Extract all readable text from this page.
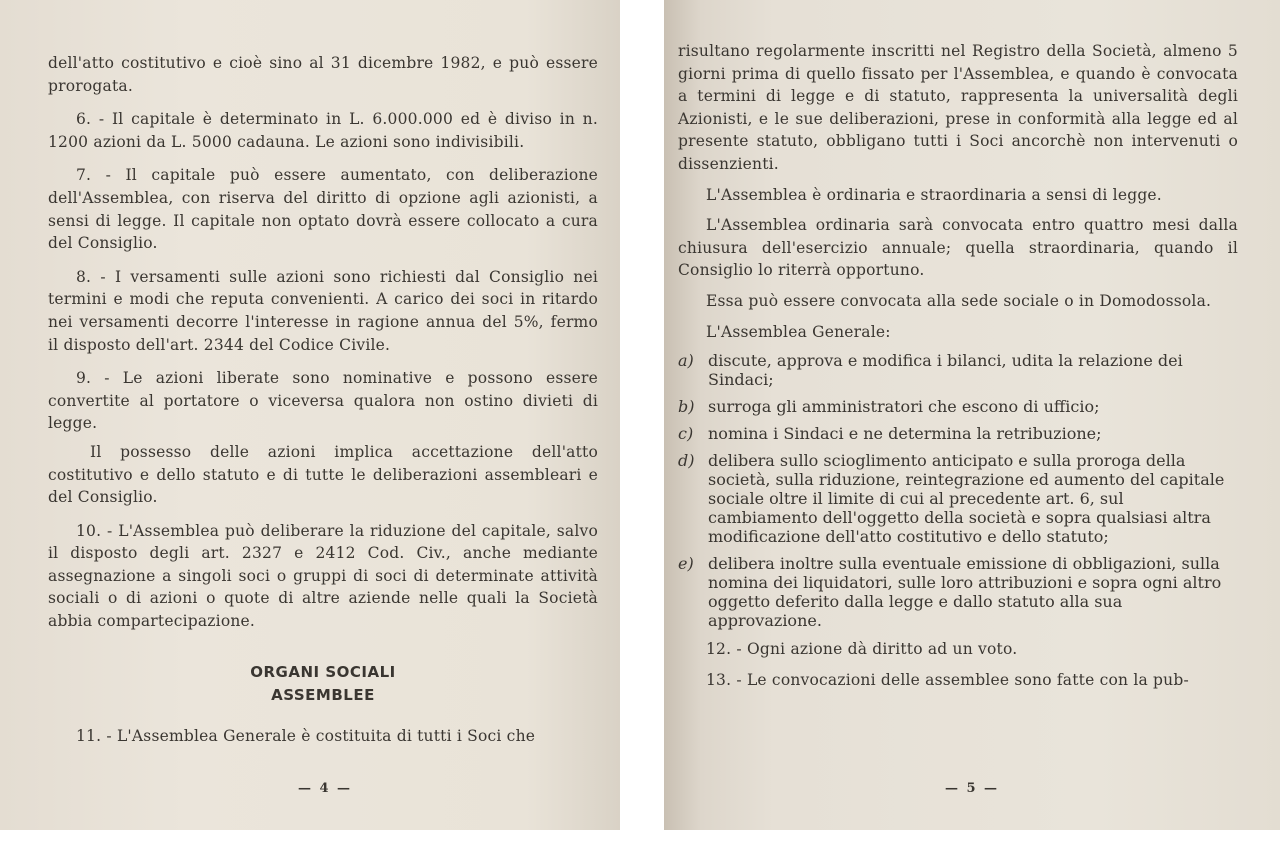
dell'atto costitutivo e cioè sino al 31 dicembre 1982, e può essere prorogata.

6. - Il capitale è determinato in L. 6.000.000 ed è diviso in n. 1200 azioni da L. 5000 cadauna. Le azioni sono indivisibili.

7. - Il capitale può essere aumentato, con deliberazione dell'Assemblea, con riserva del diritto di opzione agli azionisti, a sensi di legge. Il capitale non optato dovrà essere collocato a cura del Consiglio.

8. - I versamenti sulle azioni sono richiesti dal Consiglio nei termini e modi che reputa convenienti. A carico dei soci in ritardo nei versamenti decorre l'interesse in ragione annua del 5%, fermo il disposto dell'art. 2344 del Codice Civile.

9. - Le azioni liberate sono nominative e possono essere convertite al portatore o viceversa qualora non ostino divieti di legge.

Il possesso delle azioni implica accettazione dell'atto costitutivo e dello statuto e di tutte le deliberazioni assembleari e del Consiglio.

10. - L'Assemblea può deliberare la riduzione del capitale, salvo il disposto degli art. 2327 e 2412 Cod. Civ., anche mediante assegnazione a singoli soci o gruppi di soci di determinate attività sociali o di azioni o quote di altre aziende nelle quali la Società abbia compartecipazione.

ORGANI SOCIALI
ASSEMBLEE

11. - L'Assemblea Generale è costituita di tutti i Soci che

— 4 —

risultano regolarmente inscritti nel Registro della Società, almeno 5 giorni prima di quello fissato per l'Assemblea, e quando è convocata a termini di legge e di statuto, rappresenta la universalità degli Azionisti, e le sue deliberazioni, prese in conformità alla legge ed al presente statuto, obbligano tutti i Soci ancorchè non intervenuti o dissenzienti.

L'Assemblea è ordinaria e straordinaria a sensi di legge.

L'Assemblea ordinaria sarà convocata entro quattro mesi dalla chiusura dell'esercizio annuale; quella straordinaria, quando il Consiglio lo riterrà opportuno.

Essa può essere convocata alla sede sociale o in Domodossola.

L'Assemblea Generale:

a) discute, approva e modifica i bilanci, udita la relazione dei Sindaci;
b) surroga gli amministratori che escono di ufficio;
c) nomina i Sindaci e ne determina la retribuzione;
d) delibera sullo scioglimento anticipato e sulla proroga della società, sulla riduzione, reintegrazione ed aumento del capitale sociale oltre il limite di cui al precedente art. 6, sul cambiamento dell'oggetto della società e sopra qualsiasi altra modificazione dell'atto costitutivo e dello statuto;
e) delibera inoltre sulla eventuale emissione di obbligazioni, sulla nomina dei liquidatori, sulle loro attribuzioni e sopra ogni altro oggetto deferito dalla legge e dallo statuto alla sua approvazione.

12. - Ogni azione dà diritto ad un voto.

13. - Le convocazioni delle assemblee sono fatte con la pub-

— 5 —
